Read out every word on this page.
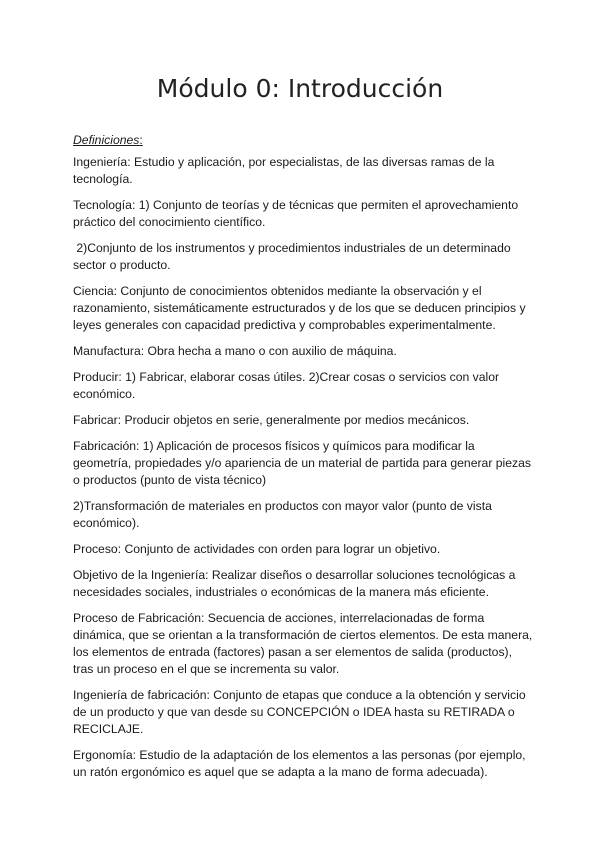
Módulo 0: Introducción
Definiciones:

Ingeniería: Estudio y aplicación, por especialistas, de las diversas ramas de la tecnología.

Tecnología: 1) Conjunto de teorías y de técnicas que permiten el aprovechamiento práctico del conocimiento científico.

2)Conjunto de los instrumentos y procedimientos industriales de un determinado sector o producto.

Ciencia: Conjunto de conocimientos obtenidos mediante la observación y el razonamiento, sistemáticamente estructurados y de los que se deducen principios y leyes generales con capacidad predictiva y comprobables experimentalmente.

Manufactura: Obra hecha a mano o con auxilio de máquina.

Producir: 1) Fabricar, elaborar cosas útiles. 2)Crear cosas o servicios con valor económico.

Fabricar: Producir objetos en serie, generalmente por medios mecánicos.

Fabricación: 1) Aplicación de procesos físicos y químicos para modificar la geometría, propiedades y/o apariencia de un material de partida para generar piezas o productos (punto de vista técnico)

2)Transformación de materiales en productos con mayor valor (punto de vista económico).

Proceso: Conjunto de actividades con orden para lograr un objetivo.

Objetivo de la Ingeniería: Realizar diseños o desarrollar soluciones tecnológicas a necesidades sociales, industriales o económicas de la manera más eficiente.

Proceso de Fabricación: Secuencia de acciones, interrelacionadas de forma dinámica, que se orientan a la transformación de ciertos elementos. De esta manera, los elementos de entrada (factores) pasan a ser elementos de salida (productos), tras un proceso en el que se incrementa su valor.

Ingeniería de fabricación: Conjunto de etapas que conduce a la obtención y servicio de un producto y que van desde su CONCEPCIÓN o IDEA hasta su RETIRADA o RECICLAJE.

Ergonomía: Estudio de la adaptación de los elementos a las personas (por ejemplo, un ratón ergonómico es aquel que se adapta a la mano de forma adecuada).
